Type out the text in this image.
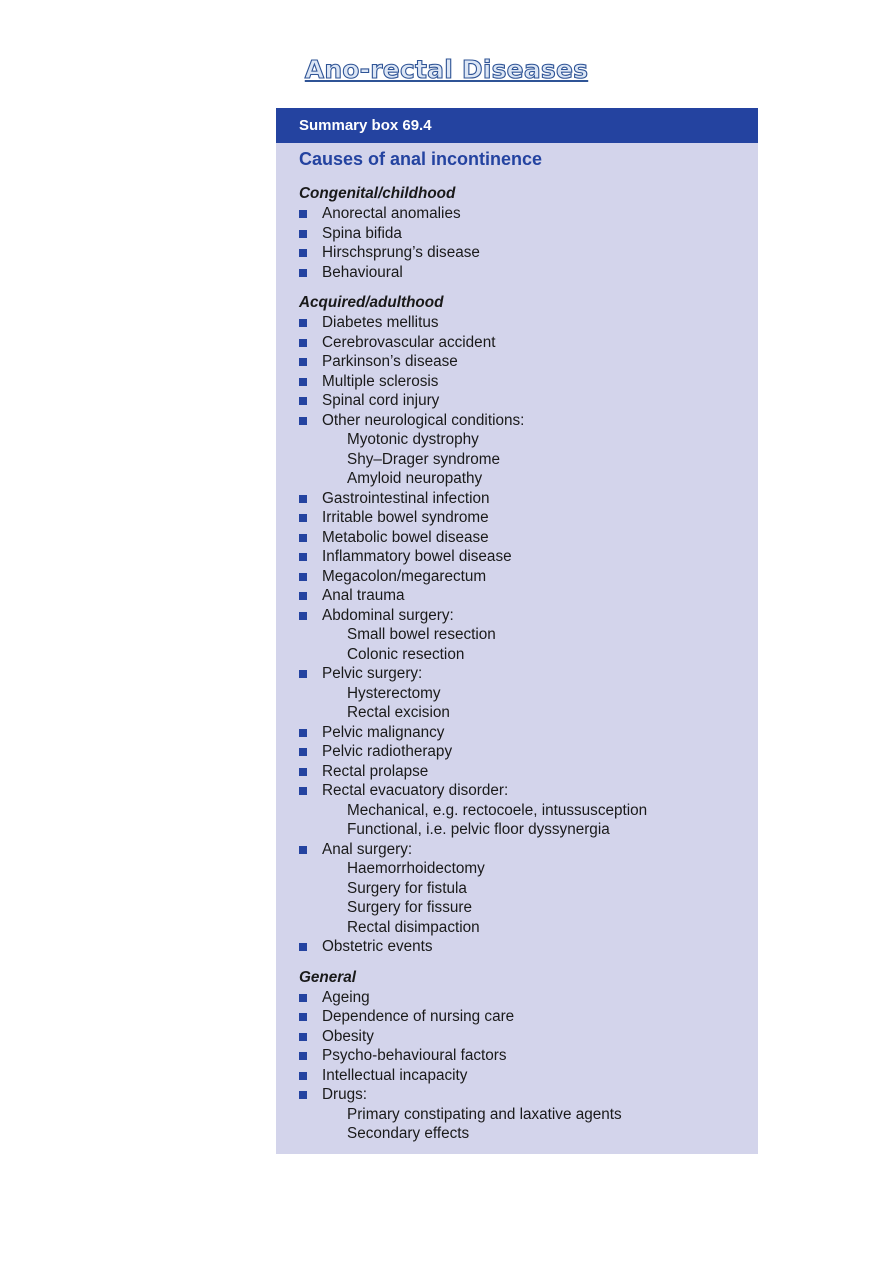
Ano-rectal Diseases
Summary box 69.4
Causes of anal incontinence
Congenital/childhood
Anorectal anomalies
Spina bifida
Hirschsprung’s disease
Behavioural
Acquired/adulthood
Diabetes mellitus
Cerebrovascular accident
Parkinson’s disease
Multiple sclerosis
Spinal cord injury
Other neurological conditions:
Myotonic dystrophy
Shy–Drager syndrome
Amyloid neuropathy
Gastrointestinal infection
Irritable bowel syndrome
Metabolic bowel disease
Inflammatory bowel disease
Megacolon/megarectum
Anal trauma
Abdominal surgery:
Small bowel resection
Colonic resection
Pelvic surgery:
Hysterectomy
Rectal excision
Pelvic malignancy
Pelvic radiotherapy
Rectal prolapse
Rectal evacuatory disorder:
Mechanical, e.g. rectocoele, intussusception
Functional, i.e. pelvic floor dyssynergia
Anal surgery:
Haemorrhoidectomy
Surgery for fistula
Surgery for fissure
Rectal disimpaction
Obstetric events
General
Ageing
Dependence of nursing care
Obesity
Psycho-behavioural factors
Intellectual incapacity
Drugs:
Primary constipating and laxative agents
Secondary effects
